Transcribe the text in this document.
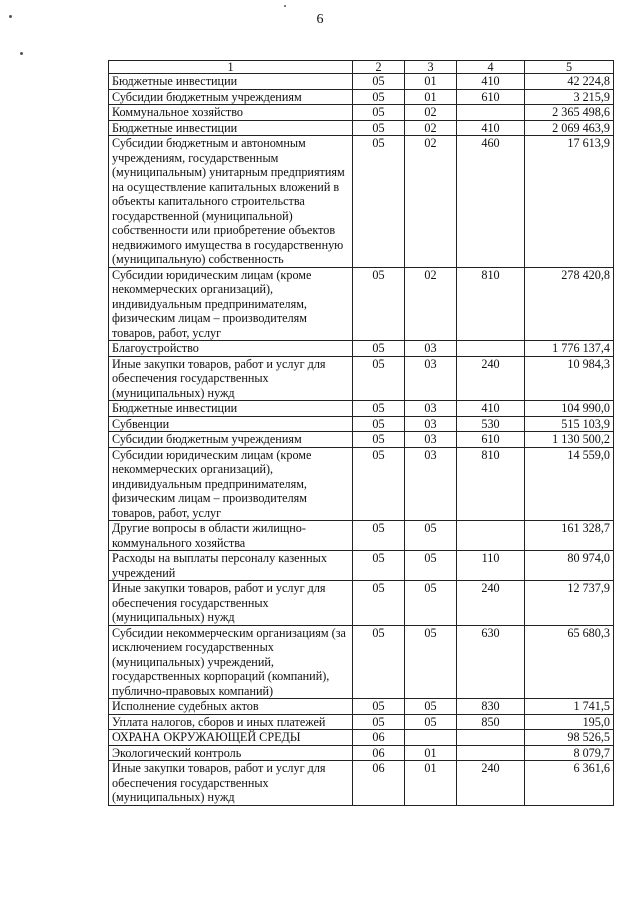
6
1	2	3	4	5
Бюджетные инвестиции	05	01	410	42 224,8
Субсидии бюджетным учреждениям	05	01	610	3 215,9
Коммунальное хозяйство	05	02		2 365 498,6
Бюджетные инвестиции	05	02	410	2 069 463,9
Субсидии бюджетным и автономным учреждениям, государственным (муниципальным) унитарным предприятиям на осуществление капитальных вложений в объекты капитального строительства государственной (муниципальной) собственности или приобретение объектов недвижимого имущества в государственную (муниципальную) собственность	05	02	460	17 613,9
Субсидии юридическим лицам (кроме некоммерческих организаций), индивидуальным предпринимателям, физическим лицам – производителям товаров, работ, услуг	05	02	810	278 420,8
Благоустройство	05	03		1 776 137,4
Иные закупки товаров, работ и услуг для обеспечения государственных (муниципальных) нужд	05	03	240	10 984,3
Бюджетные инвестиции	05	03	410	104 990,0
Субвенции	05	03	530	515 103,9
Субсидии бюджетным учреждениям	05	03	610	1 130 500,2
Субсидии юридическим лицам (кроме некоммерческих организаций), индивидуальным предпринимателям, физическим лицам – производителям товаров, работ, услуг	05	03	810	14 559,0
Другие вопросы в области жилищно-коммунального хозяйства	05	05		161 328,7
Расходы на выплаты персоналу казенных учреждений	05	05	110	80 974,0
Иные закупки товаров, работ и услуг для обеспечения государственных (муниципальных) нужд	05	05	240	12 737,9
Субсидии некоммерческим организациям (за исключением государственных (муниципальных) учреждений, государственных корпораций (компаний), публично-правовых компаний)	05	05	630	65 680,3
Исполнение судебных актов	05	05	830	1 741,5
Уплата налогов, сборов и иных платежей	05	05	850	195,0
ОХРАНА ОКРУЖАЮЩЕЙ СРЕДЫ	06			98 526,5
Экологический контроль	06	01		8 079,7
Иные закупки товаров, работ и услуг для обеспечения государственных (муниципальных) нужд	06	01	240	6 361,6
